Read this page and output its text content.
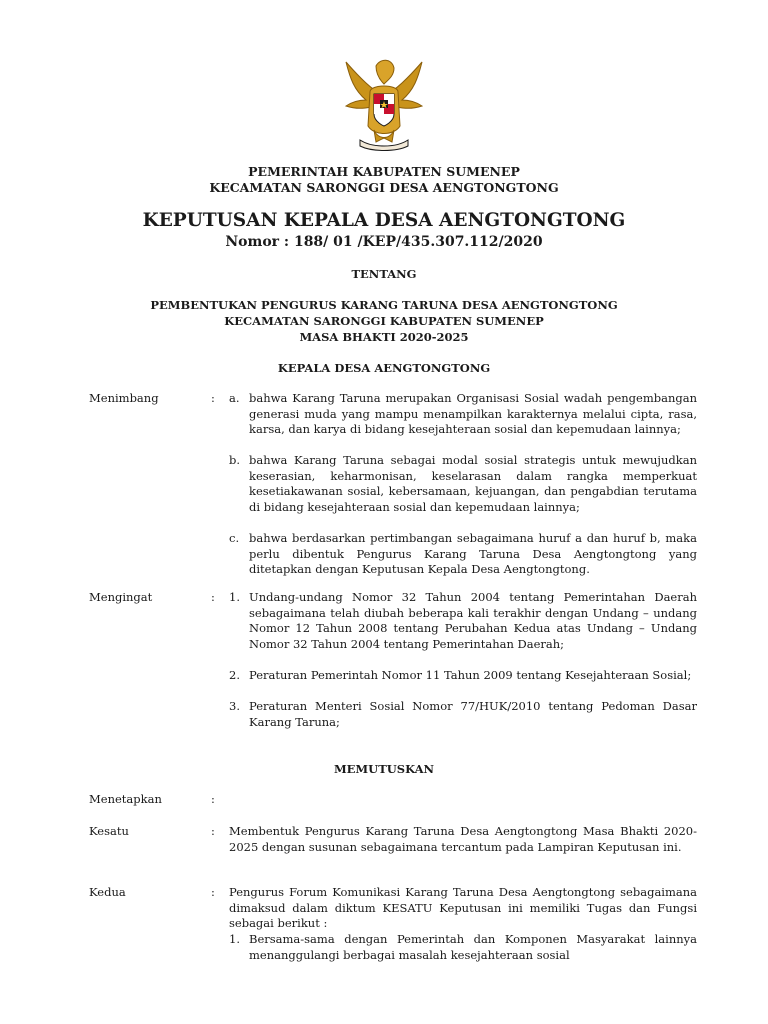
PEMERINTAH KABUPATEN SUMENEP
KECAMATAN SARONGGI DESA AENGTONGTONG
KEPUTUSAN KEPALA DESA AENGTONGTONG
Nomor : 188/ 01 /KEP/435.307.112/2020
TENTANG
PEMBENTUKAN PENGURUS KARANG TARUNA DESA AENGTONGTONG
KECAMATAN SARONGGI KABUPATEN SUMENEP
MASA BHAKTI 2020-2025
KEPALA DESA AENGTONGTONG
Menimbang	: a. bahwa Karang Taruna merupakan Organisasi Sosial wadah pengembangan generasi muda yang mampu menampilkan karakternya melalui cipta, rasa, karsa, dan karya di bidang kesejahteraan sosial dan kepemudaan lainnya;
b. bahwa Karang Taruna sebagai modal sosial strategis untuk mewujudkan keserasian, keharmonisan, keselarasan dalam rangka memperkuat kesetiakawanan sosial, kebersamaan, kejuangan, dan pengabdian terutama di bidang kesejahteraan sosial dan kepemudaan lainnya;
c. bahwa berdasarkan pertimbangan sebagaimana huruf a dan huruf b, maka perlu dibentuk Pengurus Karang Taruna Desa Aengtongtong yang ditetapkan dengan Keputusan Kepala Desa Aengtongtong.
Mengingat	: 1. Undang-undang Nomor 32 Tahun 2004 tentang Pemerintahan Daerah sebagaimana telah diubah beberapa kali terakhir dengan Undang – undang Nomor 12 Tahun 2008 tentang Perubahan Kedua atas Undang – Undang Nomor 32 Tahun 2004 tentang Pemerintahan Daerah;
2. Peraturan Pemerintah Nomor 11 Tahun 2009 tentang Kesejahteraan Sosial;
3. Peraturan Menteri Sosial Nomor 77/HUK/2010 tentang Pedoman Dasar Karang Taruna;
MEMUTUSKAN
Menetapkan	:
Kesatu	: Membentuk Pengurus Karang Taruna Desa Aengtongtong Masa Bhakti 2020-2025 dengan susunan sebagaimana tercantum pada Lampiran Keputusan ini.
Kedua	: Pengurus Forum Komunikasi Karang Taruna Desa Aengtongtong sebagaimana dimaksud dalam diktum KESATU Keputusan ini memiliki Tugas dan Fungsi sebagai berikut :
1. Bersama-sama dengan Pemerintah dan Komponen Masyarakat lainnya menanggulangi berbagai masalah kesejahteraan sosial
